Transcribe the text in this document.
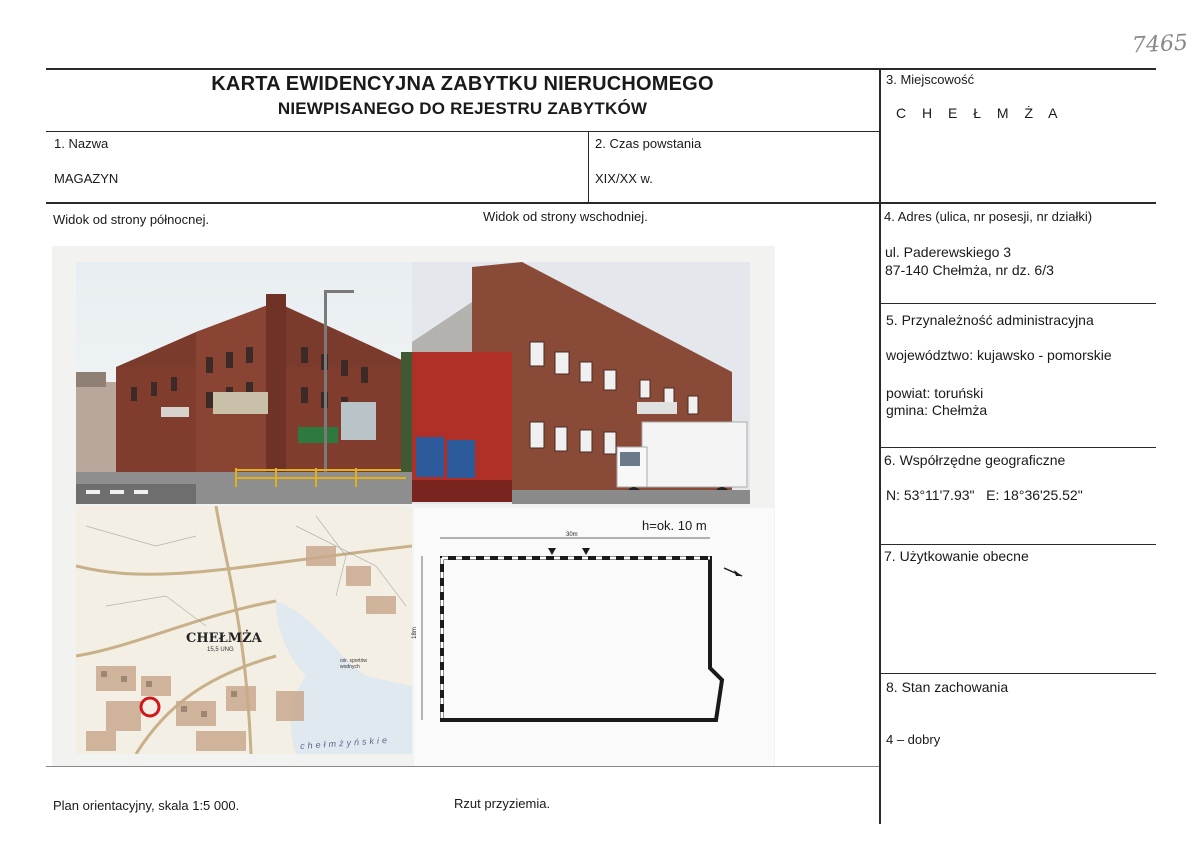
7465
KARTA EWIDENCYJNA ZABYTKU NIERUCHOMEGO
NIEWPISANEGO DO REJESTRU ZABYTKÓW
1. Nazwa
MAGAZYN
2. Czas powstania
XIX/XX w.
3. Miejscowość
C H E Ł M Ż A
4. Adres (ulica, nr posesji, nr działki)
ul. Paderewskiego 3
87-140 Chełmża, nr dz. 6/3
5. Przynależność administracyjna
województwo: kujawsko - pomorskie
powiat: toruński
gmina: Chełmża
6. Współrzędne geograficzne
N: 53°11'7.93"   E: 18°36'25.52"
7. Użytkowanie obecne
8. Stan zachowania
4 – dobry
Widok od strony północnej.	Widok od strony wschodniej.
CHEŁMŻA
15,5 UNG
ośr. sportów wodnych
chełmżyńskie
h=ok. 10 m
30m
18m
Plan orientacyjny, skala 1:5 000.	Rzut przyziemia.
